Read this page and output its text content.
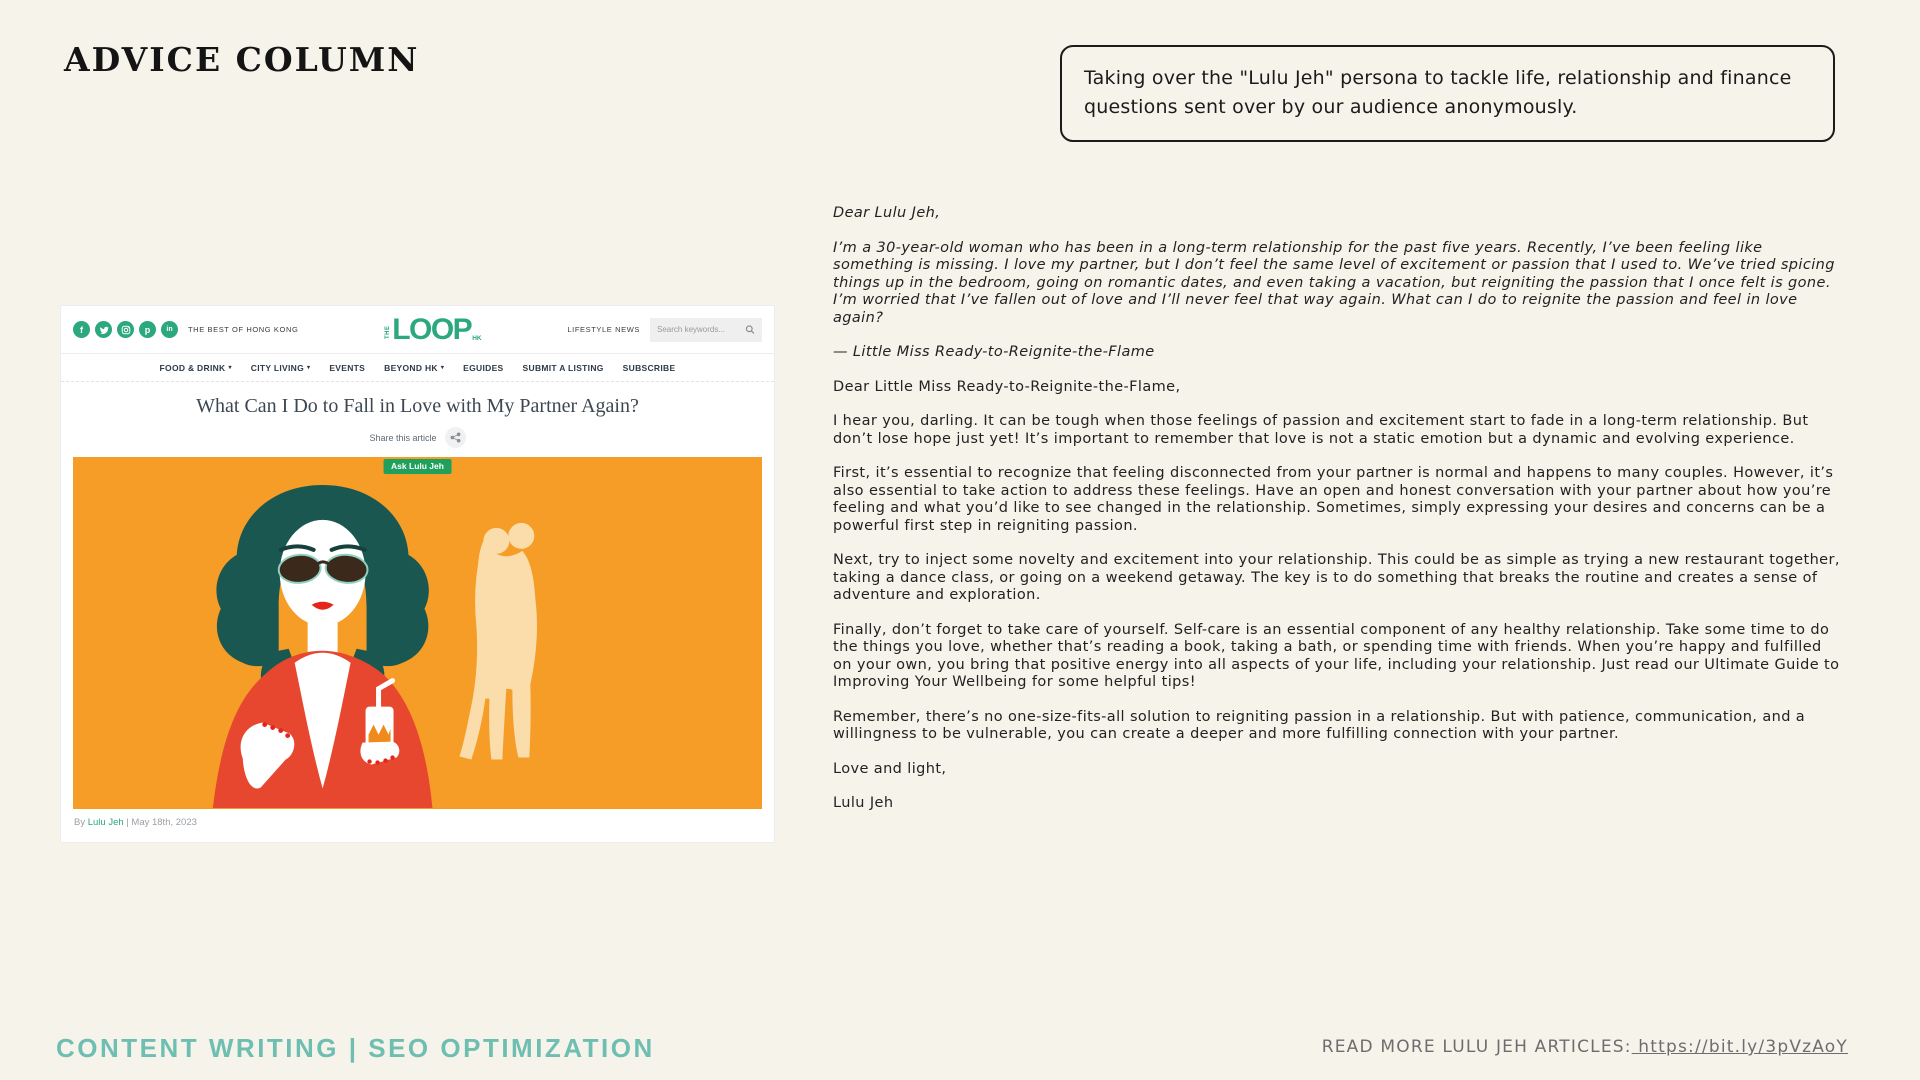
ADVICE COLUMN	Taking over the "Lulu Jeh" persona to tackle life, relationship and finance questions sent over by our audience anonymously.
f	p	in	THE BEST OF HONG KONG	THE LOOP HK
LIFESTYLE NEWS
Search keywords...
FOOD & DRINK ▾ CITY LIVING ▾ EVENTS BEYOND HK ▾ EGUIDES SUBMIT A LISTING SUBSCRIBE
What Can I Do to Fall in Love with My Partner Again?
Share this article
Ask Lulu Jeh
By Lulu Jeh | May 18th, 2023

Dear Lulu Jeh,

I’m a 30-year-old woman who has been in a long-term relationship for the past five years. Recently, I’ve been feeling like something is missing. I love my partner, but I don’t feel the same level of excitement or passion that I used to. We’ve tried spicing things up in the bedroom, going on romantic dates, and even taking a vacation, but reigniting the passion that I once felt is gone. I’m worried that I’ve fallen out of love and I’ll never feel that way again. What can I do to reignite the passion and feel in love again?

— Little Miss Ready-to-Reignite-the-Flame

Dear Little Miss Ready-to-Reignite-the-Flame,

I hear you, darling. It can be tough when those feelings of passion and excitement start to fade in a long-term relationship. But don’t lose hope just yet! It’s important to remember that love is not a static emotion but a dynamic and evolving experience.

First, it’s essential to recognize that feeling disconnected from your partner is normal and happens to many couples. However, it’s also essential to take action to address these feelings. Have an open and honest conversation with your partner about how you’re feeling and what you’d like to see changed in the relationship. Sometimes, simply expressing your desires and concerns can be a powerful first step in reigniting passion.

Next, try to inject some novelty and excitement into your relationship. This could be as simple as trying a new restaurant together, taking a dance class, or going on a weekend getaway. The key is to do something that breaks the routine and creates a sense of adventure and exploration.

Finally, don’t forget to take care of yourself. Self-care is an essential component of any healthy relationship. Take some time to do the things you love, whether that’s reading a book, taking a bath, or spending time with friends. When you’re happy and fulfilled on your own, you bring that positive energy into all aspects of your life, including your relationship. Just read our Ultimate Guide to Improving Your Wellbeing for some helpful tips!

Remember, there’s no one-size-fits-all solution to reigniting passion in a relationship. But with patience, communication, and a willingness to be vulnerable, you can create a deeper and more fulfilling connection with your partner.

Love and light,

Lulu Jeh

CONTENT WRITING | SEO OPTIMIZATION	READ MORE LULU JEH ARTICLES: https://bit.ly/3pVzAoY
